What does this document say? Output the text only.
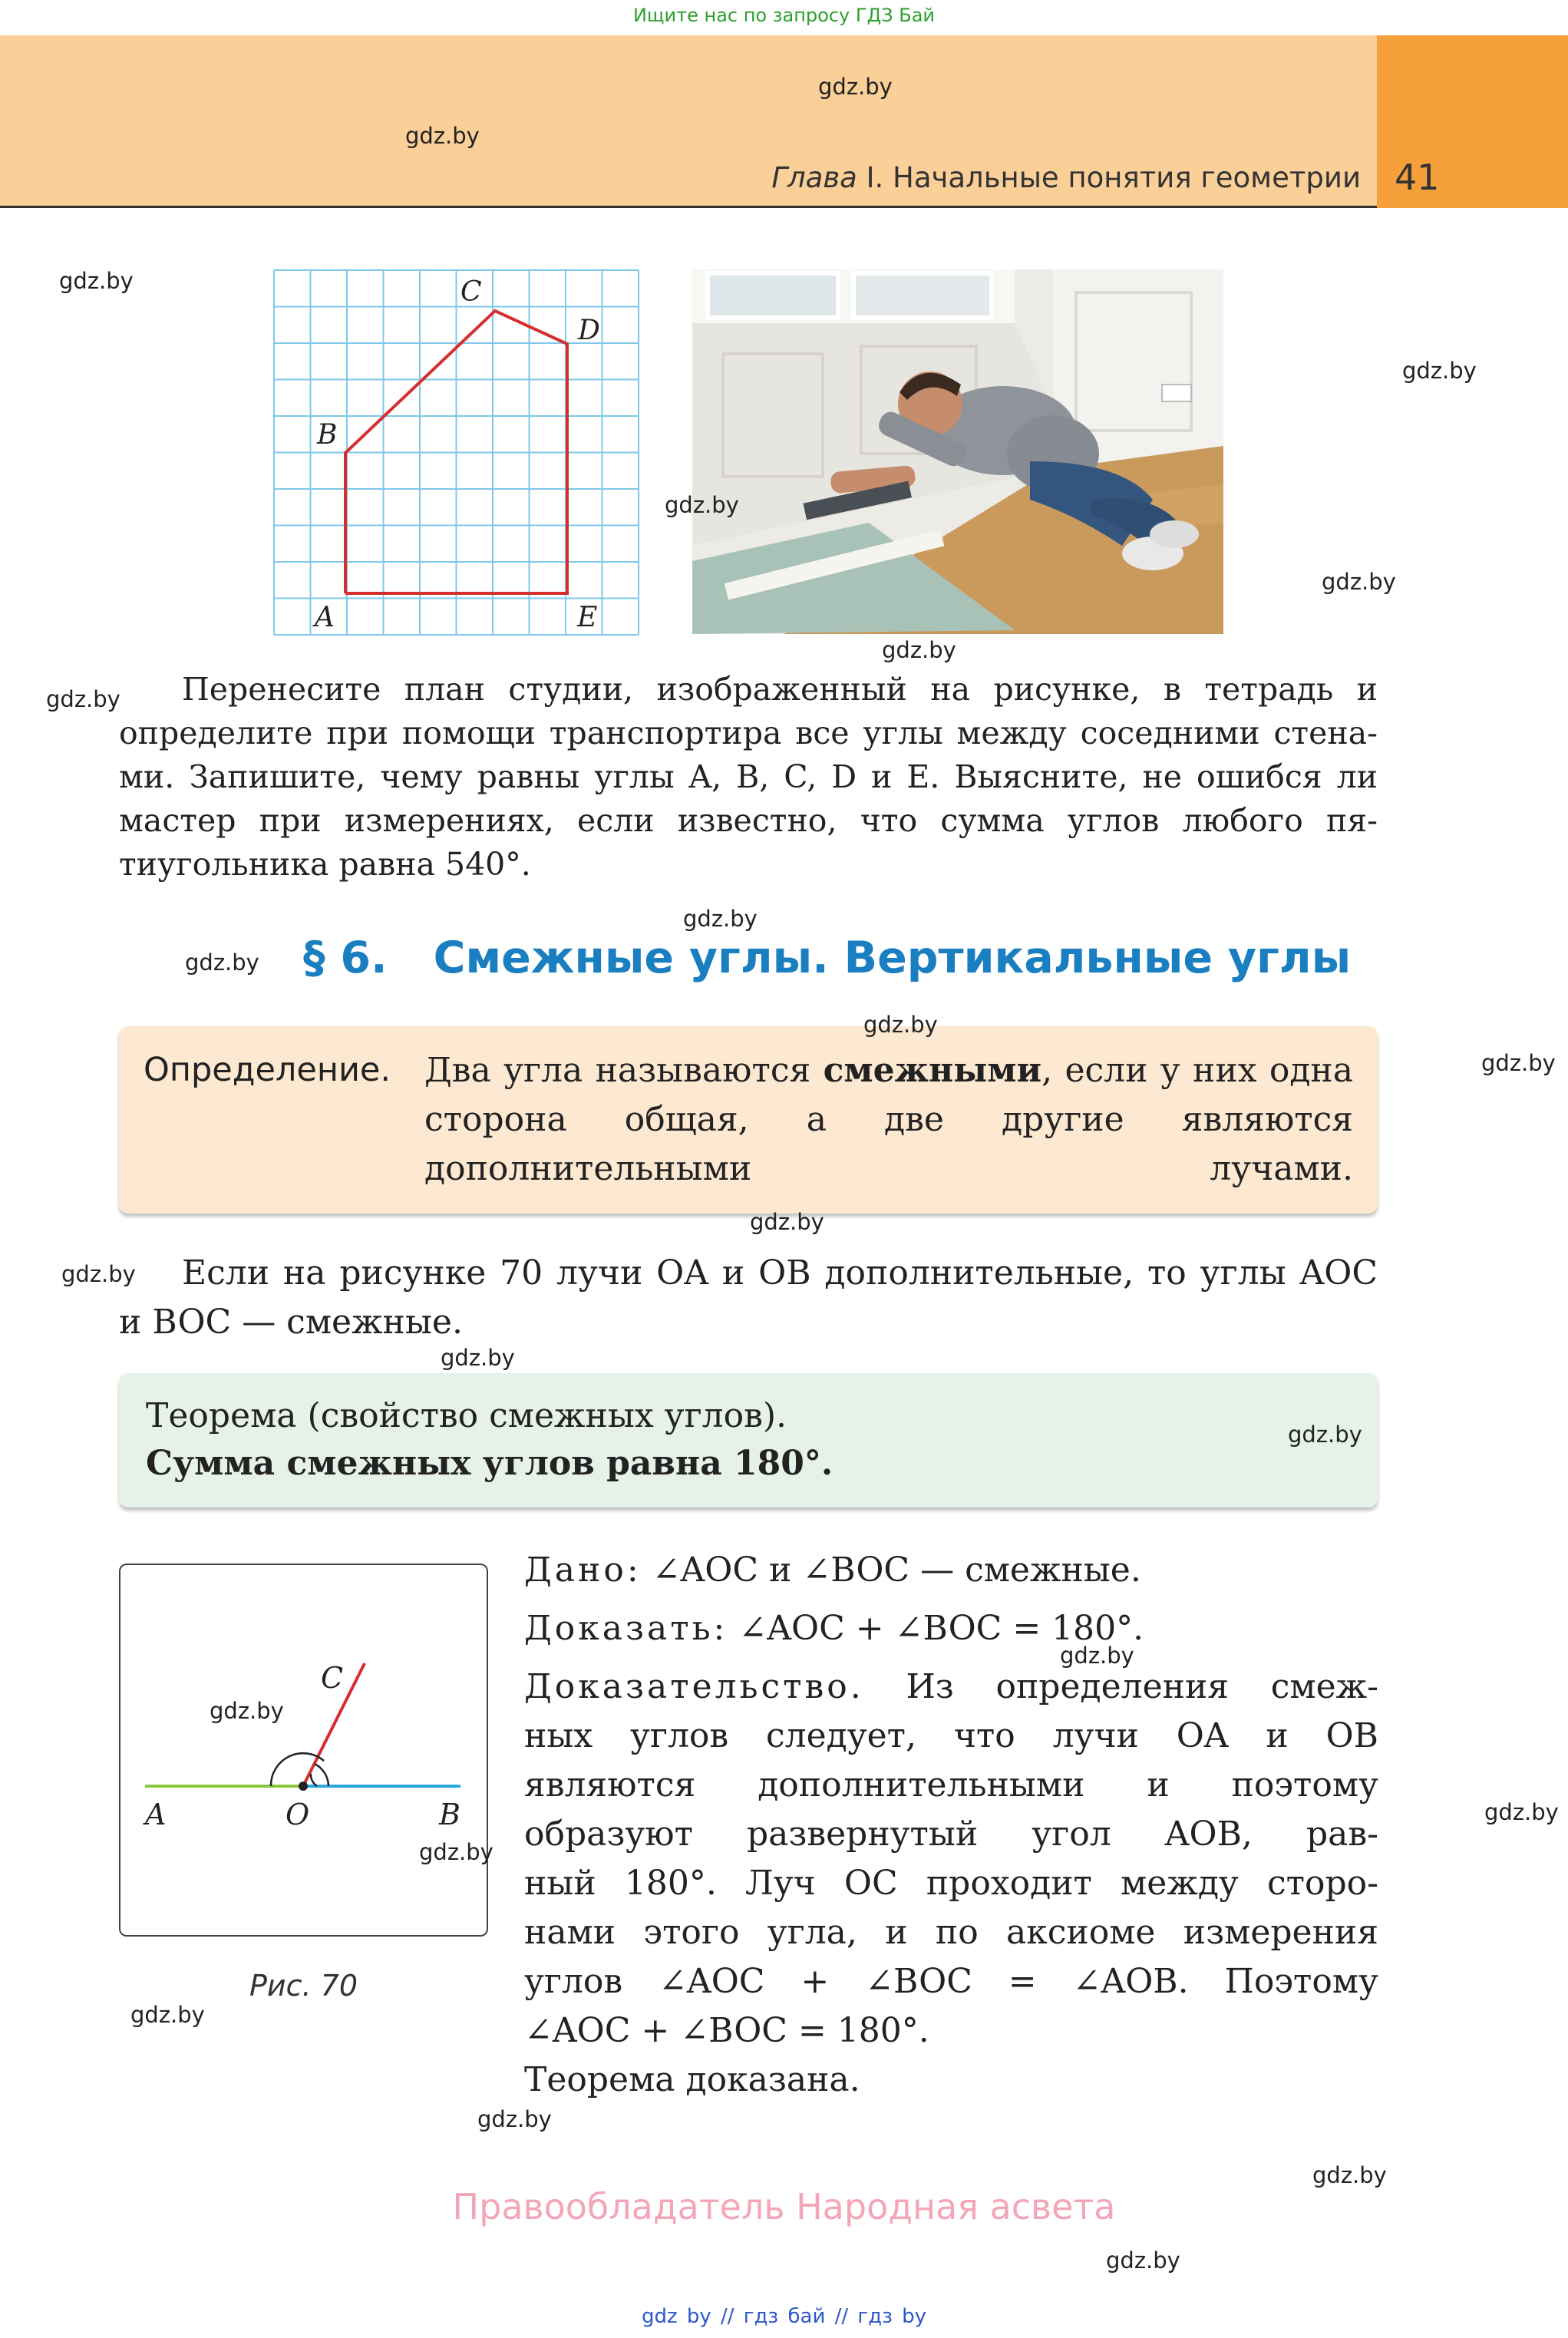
Ищите нас по запросу ГДЗ Бай
Глава I. Начальные понятия геометрии 41
C
D
B
A	E
Перенесите план студии, изображенный на рисунке, в тетрадь и определите при помощи транспортира все углы между соседними стенами. Запишите, чему равны углы A, B, C, D и E. Выясните, не ошибся ли мастер при измерениях, если известно, что сумма углов любого пятиугольника равна 540°.
§ 6. Смежные углы. Вертикальные углы
Определение. Два угла называются смежными, если у них одна сторона общая, а две другие являются дополнительными лучами.
Если на рисунке 70 лучи OA и OB дополнительные, то углы AOC и BOC — смежные.
Теорема (свойство смежных углов).
Сумма смежных углов равна 180°.
C
A	O	B
Рис. 70
Дано: ∠AOC и ∠BOC — смежные.
Доказать: ∠AOC + ∠BOC = 180°.
Доказательство. Из определения смеж-
ных углов следует, что лучи OA и OB
являются дополнительными и поэтому
образуют развернутый угол AOB, рав-
ный 180°. Луч OC проходит между сторо-
нами этого угла, и по аксиоме измерения
углов ∠AOC + ∠BOC = ∠AOB. Поэтому
∠AOC + ∠BOC = 180°.
Теорема доказана.
gdz.by
gdz.by
gdz.by
gdz.by
gdz.by
gdz.by
gdz.by
gdz.by
gdz.by
gdz.by
gdz.by
gdz.by
gdz.by
gdz.by
gdz.by
gdz.by
gdz.by
gdz.by
gdz.by
gdz.by
gdz.by
gdz.by
gdz.by
gdz.by
Правообладатель Народная асвета
gdz by // гдз бай // гдз by
